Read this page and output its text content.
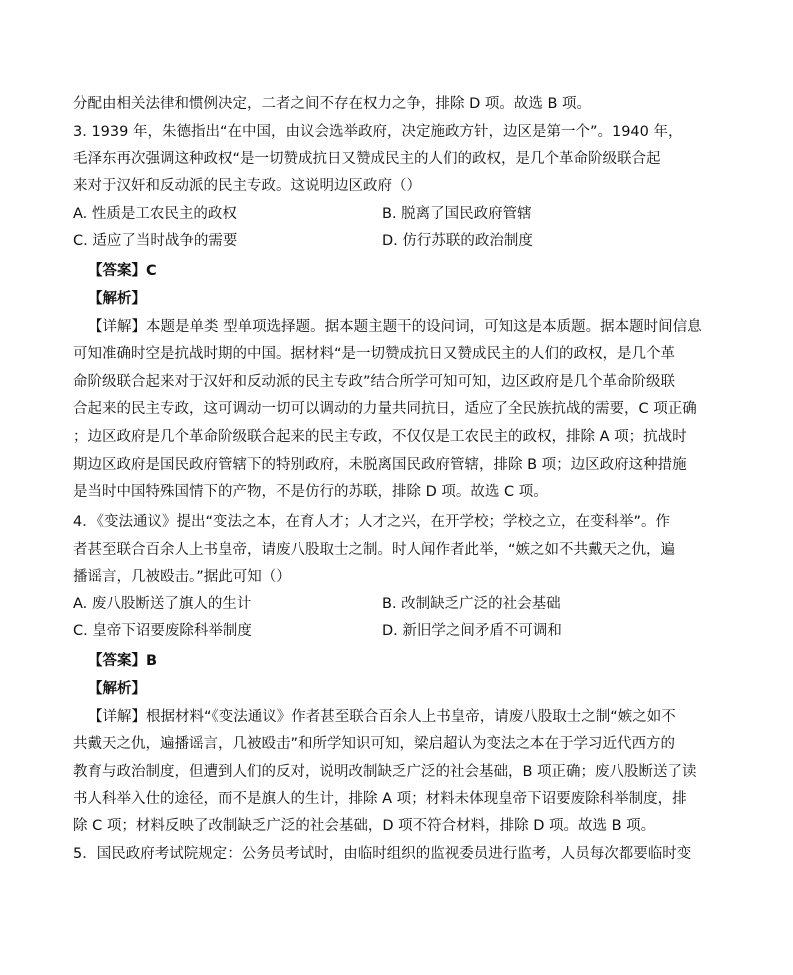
分配由相关法律和惯例决定，二者之间不存在权力之争，排除 D 项。故选 B 项。
3. 1939 年，朱德指出“在中国，由议会选举政府，决定施政方针，边区是第一个”。1940 年，
毛泽东再次强调这种政权“是一切赞成抗日又赞成民主的人们的政权，是几个革命阶级联合起
来对于汉奸和反动派的民主专政。这说明边区政府（）
A. 性质是工农民主的政权	B. 脱离了国民政府管辖
C. 适应了当时战争的需要	D. 仿行苏联的政治制度
【答案】C
【解析】
【详解】本题是单类 型单项选择题。据本题主题干的设问词，可知这是本质题。据本题时间信息
可知准确时空是抗战时期的中国。据材料“是一切赞成抗日又赞成民主的人们的政权，是几个革
命阶级联合起来对于汉奸和反动派的民主专政”结合所学可知可知，边区政府是几个革命阶级联
合起来的民主专政，这可调动一切可以调动的力量共同抗日，适应了全民族抗战的需要，C 项正确
；边区政府是几个革命阶级联合起来的民主专政，不仅仅是工农民主的政权，排除 A 项；抗战时
期边区政府是国民政府管辖下的特别政府，未脱离国民政府管辖，排除 B 项；边区政府这种措施
是当时中国特殊国情下的产物，不是仿行的苏联，排除 D 项。故选 C 项。
4．《变法通议》提出“变法之本，在育人才；人才之兴，在开学校；学校之立，在变科举”。作
者甚至联合百余人上书皇帝，请废八股取士之制。时人闻作者此举，“嫉之如不共戴天之仇，遍
播谣言，几被殴击。”据此可知（）
A. 废八股断送了旗人的生计	B. 改制缺乏广泛的社会基础
C. 皇帝下诏要废除科举制度	D. 新旧学之间矛盾不可调和
【答案】B
【解析】
【详解】根据材料“《变法通议》作者甚至联合百余人上书皇帝，请废八股取士之制“嫉之如不
共戴天之仇，遍播谣言，几被殴击”和所学知识可知，梁启超认为变法之本在于学习近代西方的
教育与政治制度，但遭到人们的反对，说明改制缺乏广泛的社会基础，B 项正确；废八股断送了读
书人科举入仕的途径，而不是旗人的生计，排除 A 项；材料未体现皇帝下诏要废除科举制度，排
除 C 项；材料反映了改制缺乏广泛的社会基础，D 项不符合材料，排除 D 项。故选 B 项。
5．国民政府考试院规定：公务员考试时，由临时组织的监视委员进行监考，人员每次都要临时变
